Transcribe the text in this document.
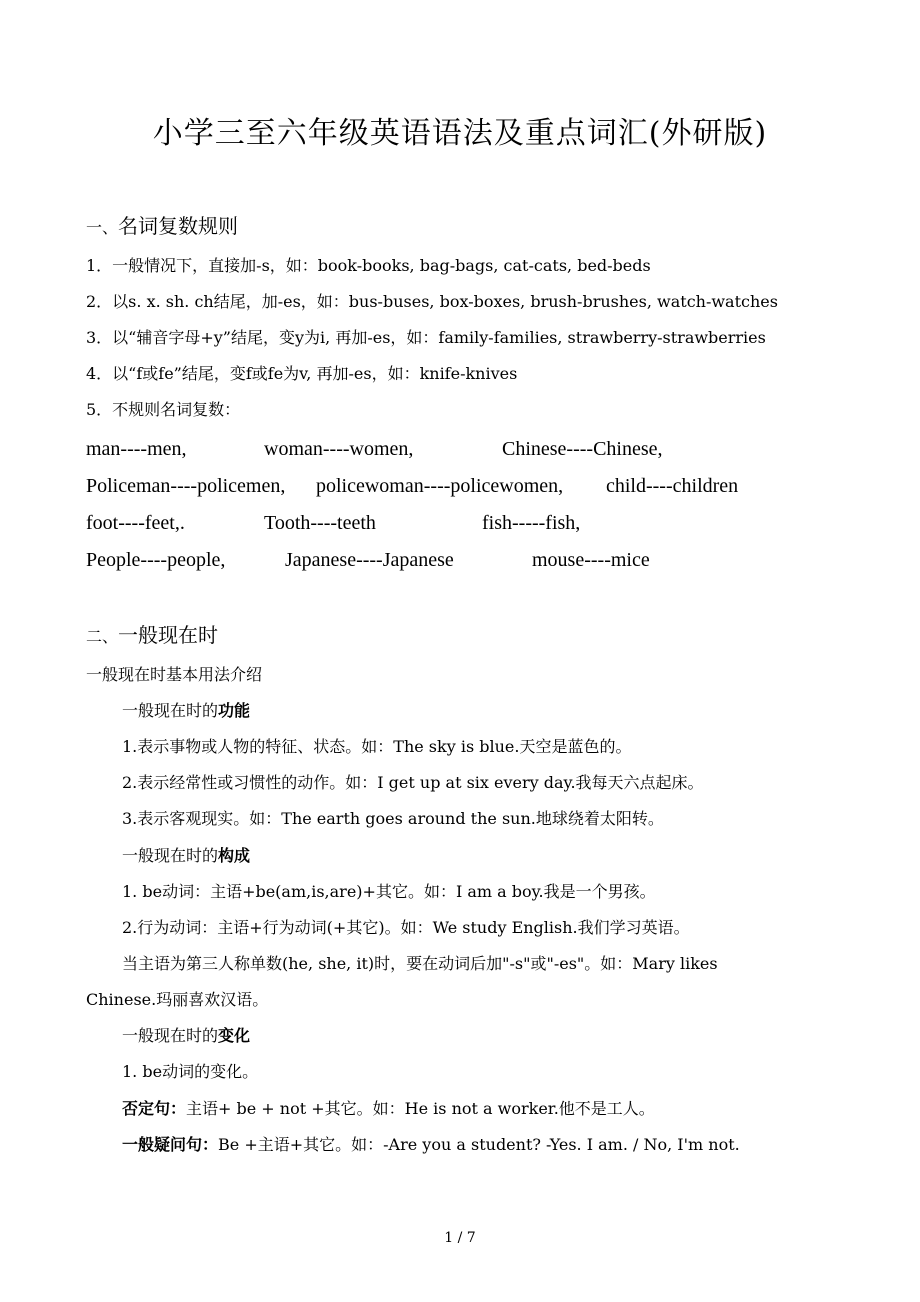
小学三至六年级英语语法及重点词汇(外研版)
一、名词复数规则
1．一般情况下，直接加-s，如：book-books, bag-bags, cat-cats, bed-beds
2．以s. x. sh. ch结尾，加-es，如：bus-buses, box-boxes, brush-brushes, watch-watches
3．以“辅音字母+y”结尾，变y为i, 再加-es，如：family-families, strawberry-strawberries
4．以“f或fe”结尾，变f或fe为v, 再加-es，如：knife-knives
5．不规则名词复数：
man----men,	woman----women,	Chinese----Chinese,
Policeman----policemen, policewoman----policewomen, child----children
foot----feet,.	Tooth----teeth	fish-----fish,
People----people,	Japanese----Japanese	mouse----mice
二、一般现在时
一般现在时基本用法介绍
一般现在时的功能
1.表示事物或人物的特征、状态。如：The sky is blue.天空是蓝色的。
2.表示经常性或习惯性的动作。如：I get up at six every day.我每天六点起床。
3.表示客观现实。如：The earth goes around the sun.地球绕着太阳转。
一般现在时的构成
1. be动词：主语+be(am,is,are)+其它。如：I am a boy.我是一个男孩。
2.行为动词：主语+行为动词(+其它)。如：We study English.我们学习英语。
当主语为第三人称单数(he, she, it)时，要在动词后加"-s"或"-es"。如：Mary likes
Chinese.玛丽喜欢汉语。
一般现在时的变化
1. be动词的变化。
否定句：主语+ be + not +其它。如：He is not a worker.他不是工人。
一般疑问句：Be +主语+其它。如：-Are you a student? -Yes. I am. / No, I'm not.
1 / 7
